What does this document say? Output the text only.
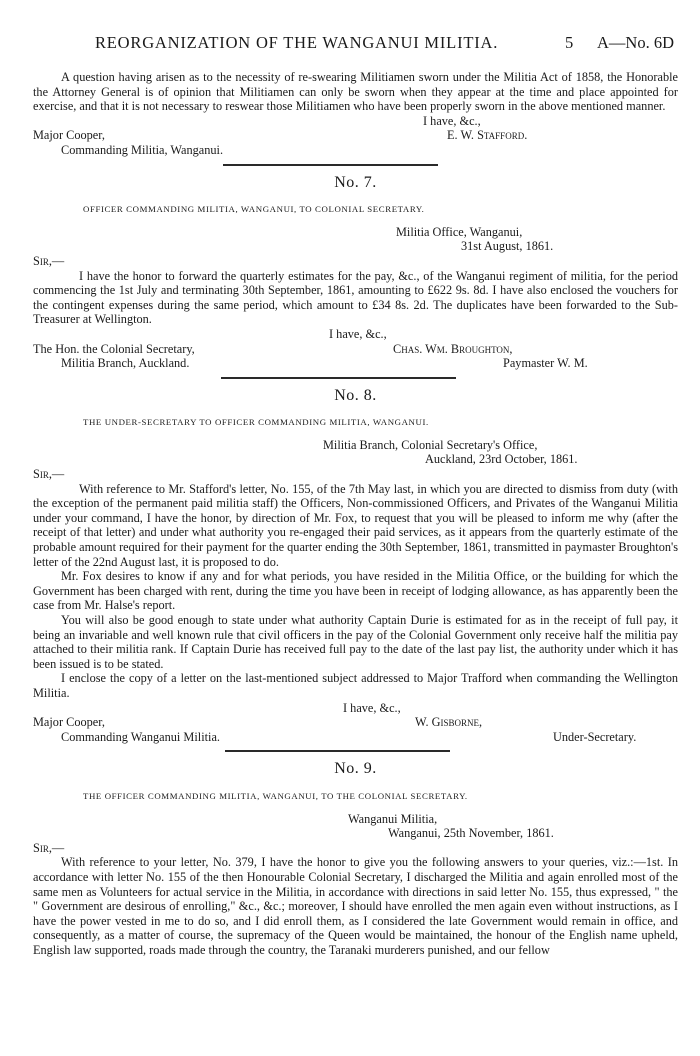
REORGANIZATION OF THE WANGANUI MILITIA.	5 A—No. 6D

A question having arisen as to the necessity of re-swearing Militiamen sworn under the Militia Act of 1858, the Honorable the Attorney General is of opinion that Militiamen can only be sworn when they appear at the time and place appointed for exercise, and that it is not necessary to reswear those Militiamen who have been properly sworn in the above mentioned manner.

I have, &c.,
Major Cooper,	E. W. Stafford.
Commanding Militia, Wanganui.
No. 7.
OFFICER COMMANDING MILITIA, WANGANUI, TO COLONIAL SECRETARY.
Militia Office, Wanganui,
31st August, 1861.
Sir,—

I have the honor to forward the quarterly estimates for the pay, &c., of the Wanganui regiment of militia, for the period commencing the 1st July and terminating 30th September, 1861, amounting to £622 9s. 8d. I have also enclosed the vouchers for the contingent expenses during the same period, which amount to £34 8s. 2d. The duplicates have been forwarded to the Sub-Treasurer at Wellington.

I have, &c.,
The Hon. the Colonial Secretary,	Chas. Wm. Broughton,
Militia Branch, Auckland.	Paymaster W. M.
No. 8.
THE UNDER-SECRETARY TO OFFICER COMMANDING MILITIA, WANGANUI.
Militia Branch, Colonial Secretary's Office,
Auckland, 23rd October, 1861.
Sir,—

With reference to Mr. Stafford's letter, No. 155, of the 7th May last, in which you are directed to dismiss from duty (with the exception of the permanent paid militia staff) the Officers, Non-commissioned Officers, and Privates of the Wanganui Militia under your command, I have the honor, by direction of Mr. Fox, to request that you will be pleased to inform me why (after the receipt of that letter) and under what authority you re-engaged their paid services, as it appears from the quarterly estimate of the probable amount required for their payment for the quarter ending the 30th September, 1861, transmitted in paymaster Broughton's letter of the 22nd August last, it is proposed to do.

Mr. Fox desires to know if any and for what periods, you have resided in the Militia Office, or the building for which the Government has been charged with rent, during the time you have been in receipt of lodging allowance, as has apparently been the case from Mr. Halse's report.

You will also be good enough to state under what authority Captain Durie is estimated for as in the receipt of full pay, it being an invariable and well known rule that civil officers in the pay of the Colonial Government only receive half the militia pay attached to their militia rank. If Captain Durie has received full pay to the date of the last pay list, the authority under which it has been issued is to be stated.

I enclose the copy of a letter on the last-mentioned subject addressed to Major Trafford when commanding the Wellington Militia.

I have, &c.,
Major Cooper,	W. Gisborne,
Commanding Wanganui Militia.	Under-Secretary.
No. 9.
THE OFFICER COMMANDING MILITIA, WANGANUI, TO THE COLONIAL SECRETARY.
Wanganui Militia,
Wanganui, 25th November, 1861.
Sir,—

With reference to your letter, No. 379, I have the honor to give you the following answers to your queries, viz.:—1st. In accordance with letter No. 155 of the then Honourable Colonial Secretary, I discharged the Militia and again enrolled most of the same men as Volunteers for actual service in the Militia, in accordance with directions in said letter No. 155, thus expressed, " the " Government are desirous of enrolling," &c., &c.; moreover, I should have enrolled the men again even without instructions, as I have the power vested in me to do so, and I did enroll them, as I considered the late Government would remain in office, and consequently, as a matter of course, the supremacy of the Queen would be maintained, the honour of the English name upheld, English law supported, roads made through the country, the Taranaki murderers punished, and our fellow
